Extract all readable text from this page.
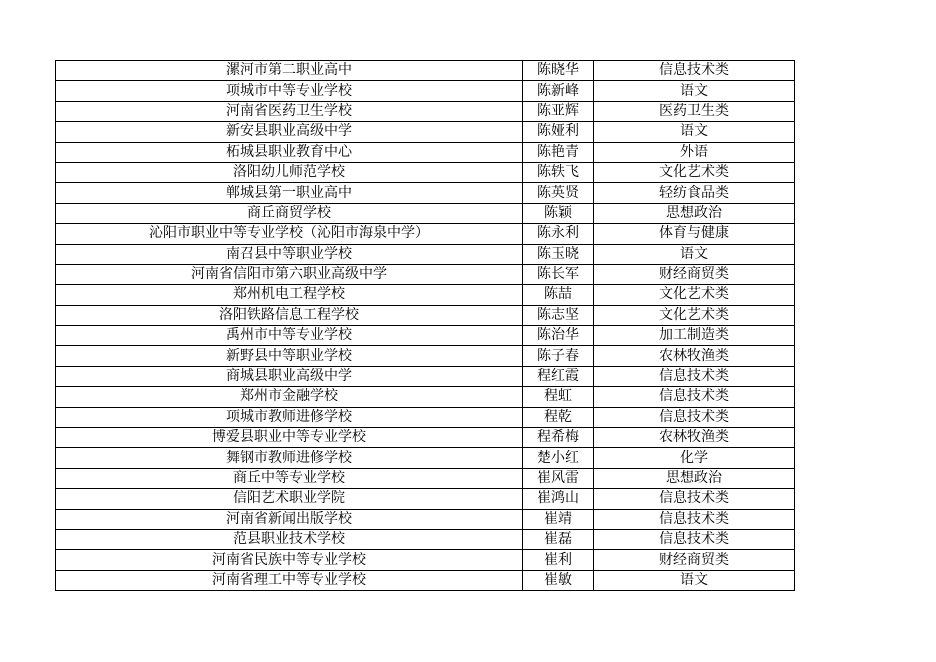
漯河市第二职业高中	陈晓华	信息技术类
项城市中等专业学校	陈新峰	语文
河南省医药卫生学校	陈亚辉	医药卫生类
新安县职业高级中学	陈娅利	语文
柘城县职业教育中心	陈艳青	外语
洛阳幼儿师范学校	陈轶飞	文化艺术类
郸城县第一职业高中	陈英贤	轻纺食品类
商丘商贸学校	陈颖	思想政治
沁阳市职业中等专业学校（沁阳市海泉中学）	陈永利	体育与健康
南召县中等职业学校	陈玉晓	语文
河南省信阳市第六职业高级中学	陈长军	财经商贸类
郑州机电工程学校	陈喆	文化艺术类
洛阳铁路信息工程学校	陈志坚	文化艺术类
禹州市中等专业学校	陈治华	加工制造类
新野县中等职业学校	陈子春	农林牧渔类
商城县职业高级中学	程红霞	信息技术类
郑州市金融学校	程虹	信息技术类
项城市教师进修学校	程乾	信息技术类
博爱县职业中等专业学校	程希梅	农林牧渔类
舞钢市教师进修学校	楚小红	化学
商丘中等专业学校	崔风雷	思想政治
信阳艺术职业学院	崔鸿山	信息技术类
河南省新闻出版学校	崔靖	信息技术类
范县职业技术学校	崔磊	信息技术类
河南省民族中等专业学校	崔利	财经商贸类
河南省理工中等专业学校	崔敏	语文
